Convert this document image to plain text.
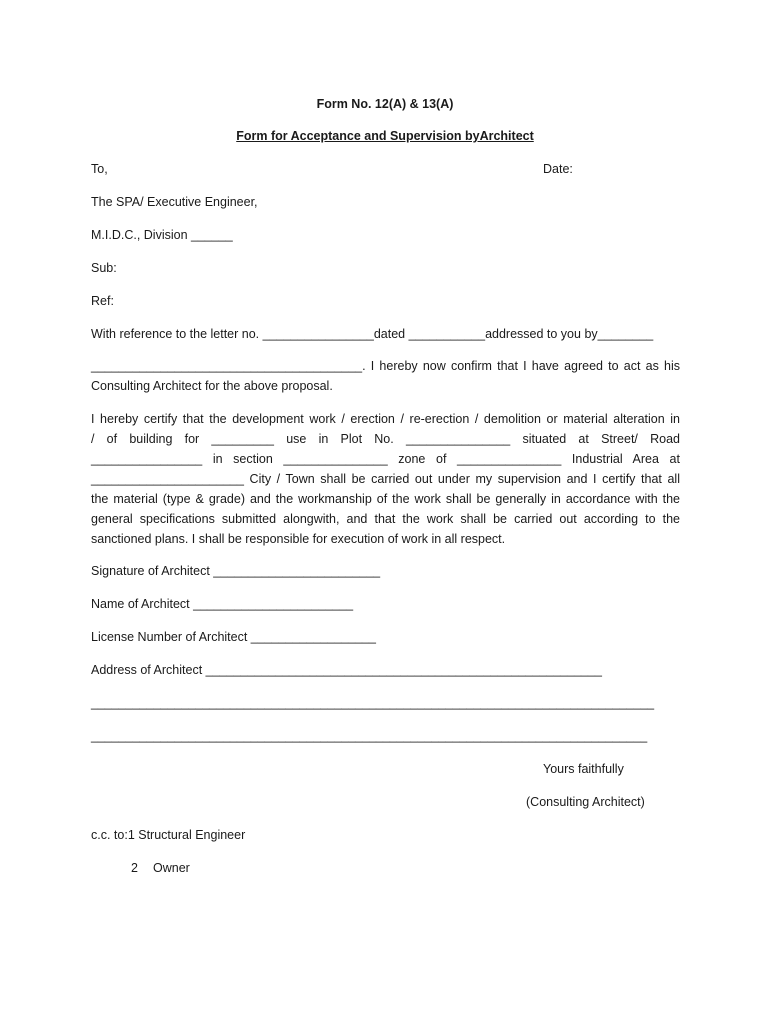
Form No. 12(A) & 13(A)
Form for Acceptance and Supervision byArchitect
To,	Date:
The SPA/ Executive Engineer,
M.I.D.C., Division ______
Sub:
Ref:
With reference to the letter no. ________________dated ___________addressed to you by________
_______________________________________. I hereby now confirm that I have agreed to act as his
Consulting Architect for the above proposal.
I hereby certify that the development work / erection / re-erection / demolition or material alteration in
/ of building for _________ use in Plot No. _______________ situated at Street/ Road
________________ in section _______________ zone of _______________ Industrial Area at
______________________ City / Town shall be carried out under my supervision and I certify that all
the material (type & grade) and the workmanship of the work shall be generally in accordance with the
general specifications submitted alongwith, and that the work shall be carried out according to the
sanctioned plans. I shall be responsible for execution of work in all respect.
Signature of Architect ________________________
Name of Architect _______________________
License Number of Architect __________________
Address of Architect _________________________________________________________
_________________________________________________________________________________
________________________________________________________________________________
Yours faithfully
(Consulting Architect)
c.c. to:1 Structural Engineer
2 Owner
